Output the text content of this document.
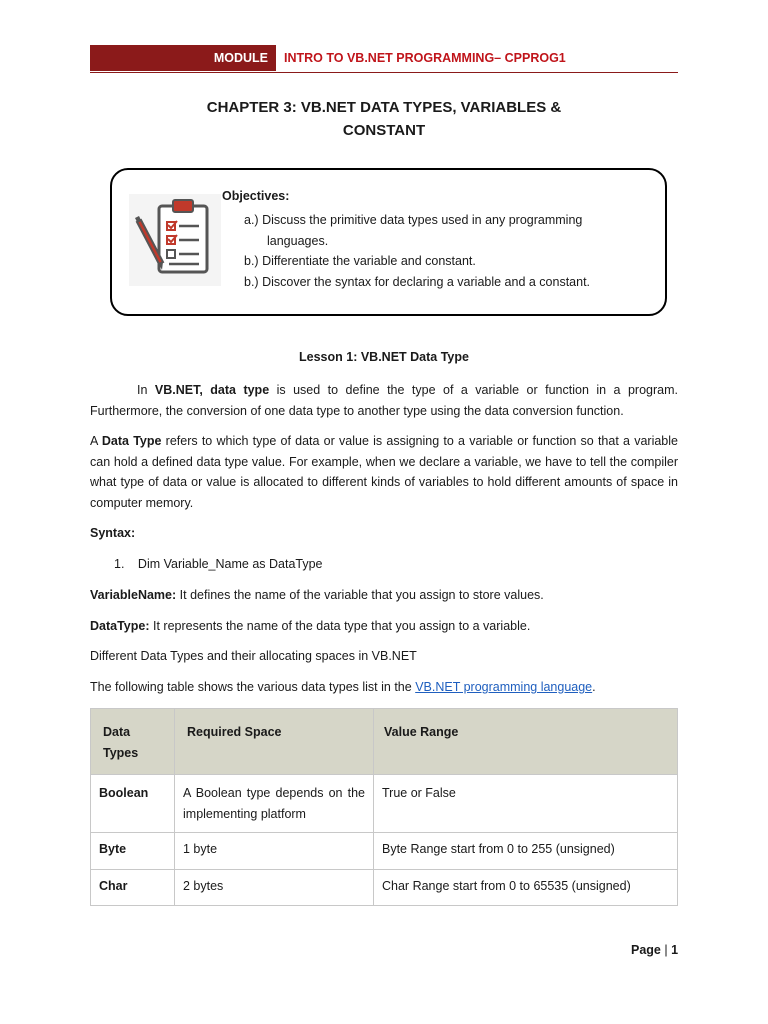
MODULE	INTRO TO VB.NET PROGRAMMING– CPPROG1
CHAPTER 3: VB.NET DATA TYPES, VARIABLES &
CONSTANT
Objectives:
a.) Discuss the primitive data types used in any programming
languages.
b.) Differentiate the variable and constant.
b.) Discover the syntax for declaring a variable and a constant.
Lesson 1: VB.NET Data Type
In VB.NET, data type is used to define the type of a variable or function in a program. Furthermore, the conversion of one data type to another type using the data conversion function.
A Data Type refers to which type of data or value is assigning to a variable or function so that a variable can hold a defined data type value. For example, when we declare a variable, we have to tell the compiler what type of data or value is allocated to different kinds of variables to hold different amounts of space in computer memory.
Syntax:
1. Dim Variable_Name as DataType
VariableName: It defines the name of the variable that you assign to store values.
DataType: It represents the name of the data type that you assign to a variable.
Different Data Types and their allocating spaces in VB.NET
The following table shows the various data types list in the VB.NET programming language.
Data Types	Required Space	Value Range
Boolean	A Boolean type depends on the implementing platform	True or False
Byte	1 byte	Byte Range start from 0 to 255 (unsigned)
Char	2 bytes	Char Range start from 0 to 65535 (unsigned)
Page | 1
